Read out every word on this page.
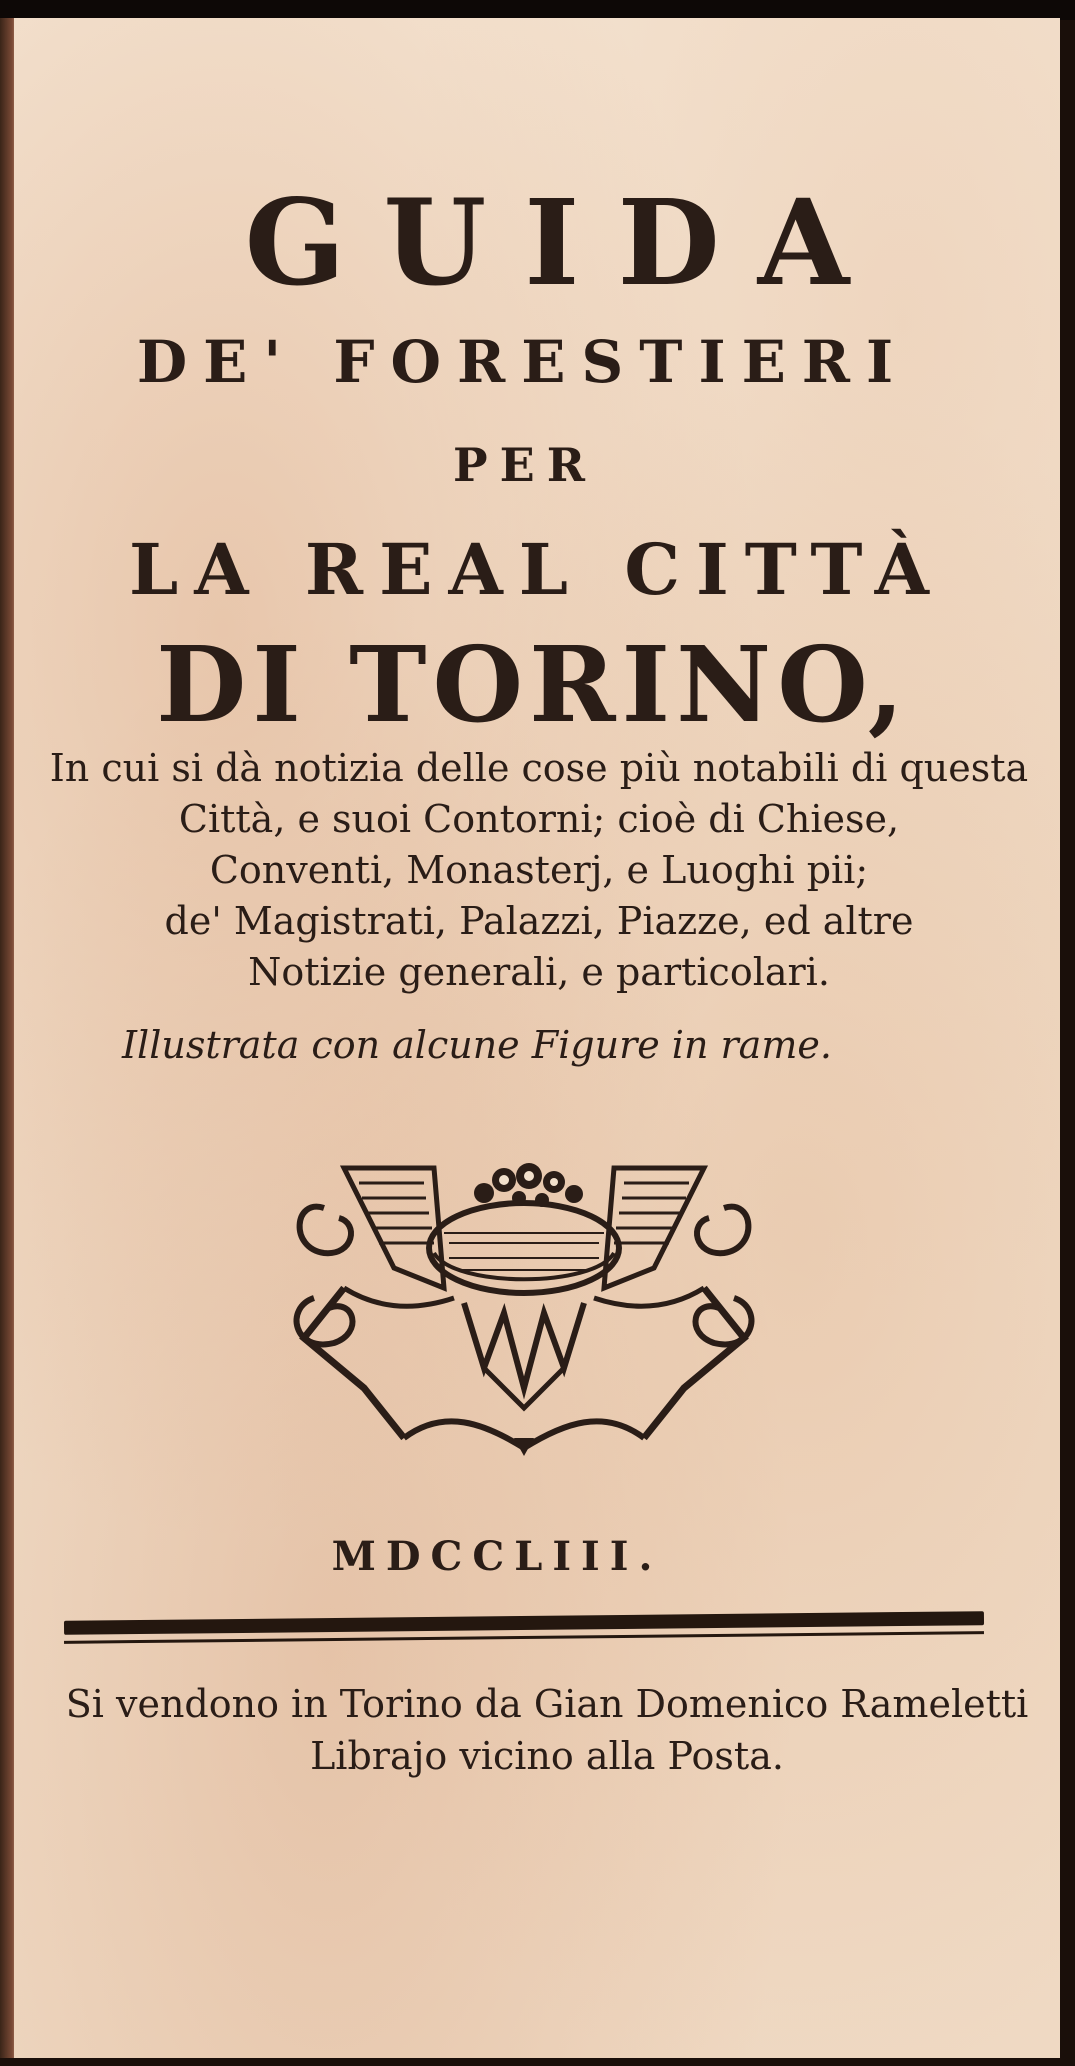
GUIDA
DE' FORESTIERI
PER
LA REAL CITTÀ
DI TORINO,
In cui si dà notizia delle cose più notabili di questa
Città, e suoi Contorni; cioè di Chiese,
Conventi, Monasterj, e Luoghi pii;
de' Magistrati, Palazzi, Piazze, ed altre
Notizie generali, e particolari.
Illustrata con alcune Figure in rame.
MDCCLIII.
Si vendono in Torino da Gian Domenico Rameletti
Librajo vicino alla Posta.
